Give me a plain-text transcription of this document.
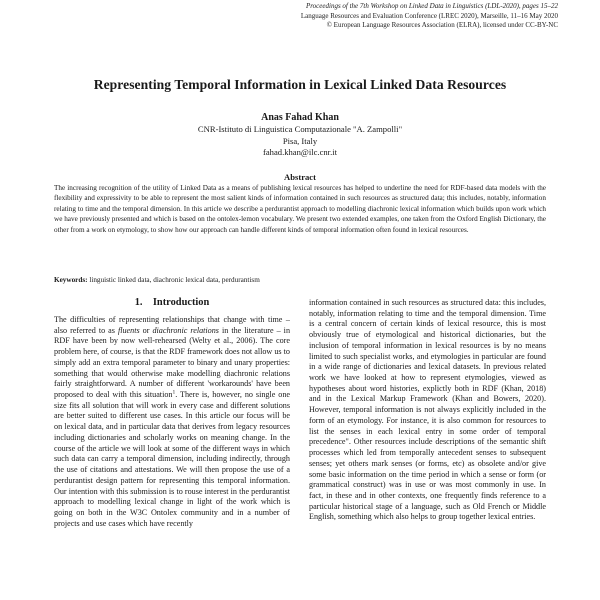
Proceedings of the 7th Workshop on Linked Data in Linguistics (LDL-2020), pages 15–22
Language Resources and Evaluation Conference (LREC 2020), Marseille, 11–16 May 2020
© European Language Resources Association (ELRA), licensed under CC-BY-NC
Representing Temporal Information in Lexical Linked Data Resources
Anas Fahad Khan
CNR-Istituto di Linguistica Computazionale "A. Zampolli"
Pisa, Italy
fahad.khan@ilc.cnr.it
Abstract
The increasing recognition of the utility of Linked Data as a means of publishing lexical resources has helped to underline the need for RDF-based data models with the flexibility and expressivity to be able to represent the most salient kinds of information contained in such resources as structured data; this includes, notably, information relating to time and the temporal dimension. In this article we describe a perdurantist approach to modelling diachronic lexical information which builds upon work which we have previously presented and which is based on the ontolex-lemon vocabulary. We present two extended examples, one taken from the Oxford English Dictionary, the other from a work on etymology, to show how our approach can handle different kinds of temporal information often found in lexical resources.
Keywords: linguistic linked data, diachronic lexical data, perdurantism
1.    Introduction
The difficulties of representing relationships that change with time – also referred to as fluents or diachronic relations in the literature – in RDF have been by now well-rehearsed (Welty et al., 2006). The core problem here, of course, is that the RDF framework does not allow us to simply add an extra temporal parameter to binary and unary properties: something that would otherwise make modelling diachronic relations fairly straightforward. A number of different 'workarounds' have been proposed to deal with this situation$^1$. There is, however, no single one size fits all solution that will work in every case and different solutions are better suited to different use cases. In this article our focus will be on lexical data, and in particular data that derives from legacy resources including dictionaries and scholarly works on meaning change. In the course of the article we will look at some of the different ways in which such data can carry a temporal dimension, including indirectly, through the use of citations and attestations. We will then propose the use of a perdurantist design pattern for representing this temporal information. Our intention with this submission is to rouse interest in the perdurantist approach to modelling lexical change in light of the work which is going on both in the W3C Ontolex community and in a number of projects and use cases which have recently
information contained in such resources as structured data: this includes, notably, information relating to time and the temporal dimension. Time is a central concern of certain kinds of lexical resource, this is most obviously true of etymological and historical dictionaries, but the inclusion of temporal information in lexical resources is by no means limited to such specialist works, and etymologies in particular are found in a wide range of dictionaries and lexical datasets. In previous related work we have looked at how to represent etymologies, viewed as hypotheses about word histories, explictly both in RDF (Khan, 2018) and in the Lexical Markup Framework (Khan and Bowers, 2020). However, temporal information is not always explicitly included in the form of an etymology. For instance, it is also common for resources to list the senses in each lexical entry in some order of temporal precedence". Other resources include descriptions of the semantic shift processes which led from temporally antecedent senses to subsequent senses; yet others mark senses (or forms, etc) as obsolete and/or give some basic information on the time period in which a sense or form (or grammatical construct) was in use or was most commonly in use. In fact, in these and in other contexts, one frequently finds reference to a particular historical stage of a language, such as Old French or Middle English, something which also helps to group together lexical entries.
